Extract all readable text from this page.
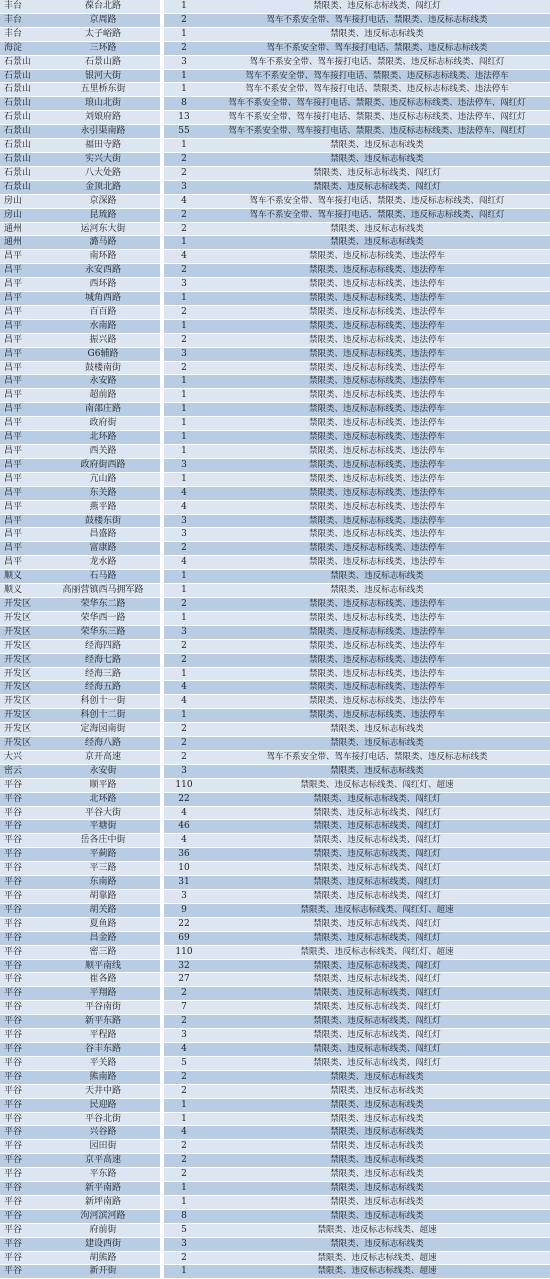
丰台	葆台北路		1	禁限类、违反标志标线类、闯红灯
丰台	京周路		2	驾车不系安全带、驾车接打电话、禁限类、违反标志标线类
丰台	太子峪路		1	禁限类、违反标志标线类
海淀	三环路		2	驾车不系安全带、驾车接打电话、禁限类、违反标志标线类
石景山	石景山路		3	驾车不系安全带、驾车接打电话、禁限类、违反标志标线类、闯红灯
石景山	银河大街		1	驾车不系安全带、驾车接打电话、禁限类、违反标志标线类、违法停车
石景山	五里桥东街		1	驾车不系安全带、驾车接打电话、禁限类、违反标志标线类、违法停车
石景山	琅山北街		8	驾车不系安全带、驾车接打电话、禁限类、违反标志标线类、违法停车、闯红灯
石景山	刘娘府路		13	驾车不系安全带、驾车接打电话、禁限类、违反标志标线类、违法停车、闯红灯
石景山	永引渠南路		55	驾车不系安全带、驾车接打电话、禁限类、违反标志标线类、违法停车、闯红灯
石景山	福田寺路		1	禁限类、违反标志标线类
石景山	实兴大街		2	禁限类、违反标志标线类
石景山	八大处路		2	禁限类、违反标志标线类、闯红灯
石景山	金顶北路		3	禁限类、违反标志标线类、闯红灯
房山	京深路		4	驾车不系安全带、驾车接打电话、禁限类、违反标志标线类、闯红灯
房山	昆琉路		2	驾车不系安全带、驾车接打电话、禁限类、违反标志标线类、闯红灯
通州	运河东大街		2	禁限类、违反标志标线类
通州	潞马路		1	禁限类、违反标志标线类
昌平	南环路		4	禁限类、违反标志标线类、违法停车
昌平	永安西路		2	禁限类、违反标志标线类、违法停车
昌平	西环路		3	禁限类、违反标志标线类、违法停车
昌平	城角西路		1	禁限类、违反标志标线类、违法停车
昌平	百百路		2	禁限类、违反标志标线类、违法停车
昌平	水南路		1	禁限类、违反标志标线类、违法停车
昌平	振兴路		2	禁限类、违反标志标线类、违法停车
昌平	G6辅路		3	禁限类、违反标志标线类、违法停车
昌平	鼓楼南街		2	禁限类、违反标志标线类、违法停车
昌平	永安路		1	禁限类、违反标志标线类、违法停车
昌平	超前路		1	禁限类、违反标志标线类、违法停车
昌平	南邵庄路		1	禁限类、违反标志标线类、违法停车
昌平	政府街		1	禁限类、违反标志标线类、违法停车
昌平	北环路		1	禁限类、违反标志标线类、违法停车
昌平	西关路		1	禁限类、违反标志标线类、违法停车
昌平	政府街西路		3	禁限类、违反标志标线类、违法停车
昌平	亢山路		1	禁限类、违反标志标线类、违法停车
昌平	东关路		4	禁限类、违反标志标线类、违法停车
昌平	燕平路		4	禁限类、违反标志标线类、违法停车
昌平	鼓楼东街		3	禁限类、违反标志标线类、违法停车
昌平	昌盛路		3	禁限类、违反标志标线类、违法停车
昌平	富康路		2	禁限类、违反标志标线类、违法停车
昌平	龙水路		4	禁限类、违反标志标线类、违法停车
顺义	石马路		1	禁限类、违反标志标线类
顺义	高丽营镇西马拥军路		1	禁限类、违反标志标线类
开发区	荣华东二路		2	禁限类、违反标志标线类、违法停车
开发区	荣华西一路		1	禁限类、违反标志标线类、违法停车
开发区	荣华东三路		3	禁限类、违反标志标线类、违法停车
开发区	经海四路		2	禁限类、违反标志标线类、违法停车
开发区	经海七路		2	禁限类、违反标志标线类、违法停车
开发区	经海三路		1	禁限类、违反标志标线类、违法停车
开发区	经海五路		4	禁限类、违反标志标线类、违法停车
开发区	科创十一街		4	禁限类、违反标志标线类、违法停车
开发区	科创十二街		1	禁限类、违反标志标线类、违法停车
开发区	定海园南街		2	禁限类、违反标志标线类
开发区	经海八路		2	禁限类、违反标志标线类
大兴	京开高速		2	驾车不系安全带、驾车接打电话、禁限类、违反标志标线类
密云	永安街		3	禁限类、违反标志标线类
平谷	顺平路		110	禁限类、违反标志标线类、闯红灯、超速
平谷	北环路		22	禁限类、违反标志标线类、闯红灯
平谷	平谷大街		4	禁限类、违反标志标线类、闯红灯
平谷	平塘街		46	禁限类、违反标志标线类、闯红灯
平谷	岳各庄中街		4	禁限类、违反标志标线类、闯红灯
平谷	平蓟路		36	禁限类、违反标志标线类、闯红灯
平谷	平三路		10	禁限类、违反标志标线类、闯红灯
平谷	东南路		31	禁限类、违反标志标线类、闯红灯
平谷	胡靠路		3	禁限类、违反标志标线类、闯红灯
平谷	胡关路		9	禁限类、违反标志标线类、闯红灯、超速
平谷	夏鱼路		22	禁限类、违反标志标线类、闯红灯
平谷	昌金路		69	禁限类、违反标志标线类、闯红灯
平谷	密三路		110	禁限类、违反标志标线类、闯红灯、超速
平谷	顺平南线		32	禁限类、违反标志标线类、闯红灯
平谷	崔各路		27	禁限类、违反标志标线类、闯红灯
平谷	平翔路		2	禁限类、违反标志标线类、闯红灯
平谷	平谷南街		7	禁限类、违反标志标线类、闯红灯
平谷	新平东路		2	禁限类、违反标志标线类、闯红灯
平谷	平程路		3	禁限类、违反标志标线类、闯红灯
平谷	谷丰东路		4	禁限类、违反标志标线类、闯红灯
平谷	平关路		5	禁限类、违反标志标线类、闯红灯
平谷	熊南路		2	禁限类、违反标志标线类
平谷	天井中路		2	禁限类、违反标志标线类
平谷	民迎路		1	禁限类、违反标志标线类
平谷	平谷北街		1	禁限类、违反标志标线类
平谷	兴谷路		4	禁限类、违反标志标线类
平谷	园田街		2	禁限类、违反标志标线类
平谷	京平高速		2	禁限类、违反标志标线类
平谷	平东路		2	禁限类、违反标志标线类
平谷	新平南路		1	禁限类、违反标志标线类
平谷	新坪南路		1	禁限类、违反标志标线类
平谷	泃河滨河路		8	禁限类、违反标志标线类
平谷	府前街		5	禁限类、违反标志标线类、超速
平谷	建设西街		3	禁限类、违反标志标线类
平谷	胡熊路		2	禁限类、违反标志标线类、超速
平谷	新开街		1	禁限类、违反标志标线类、超速
